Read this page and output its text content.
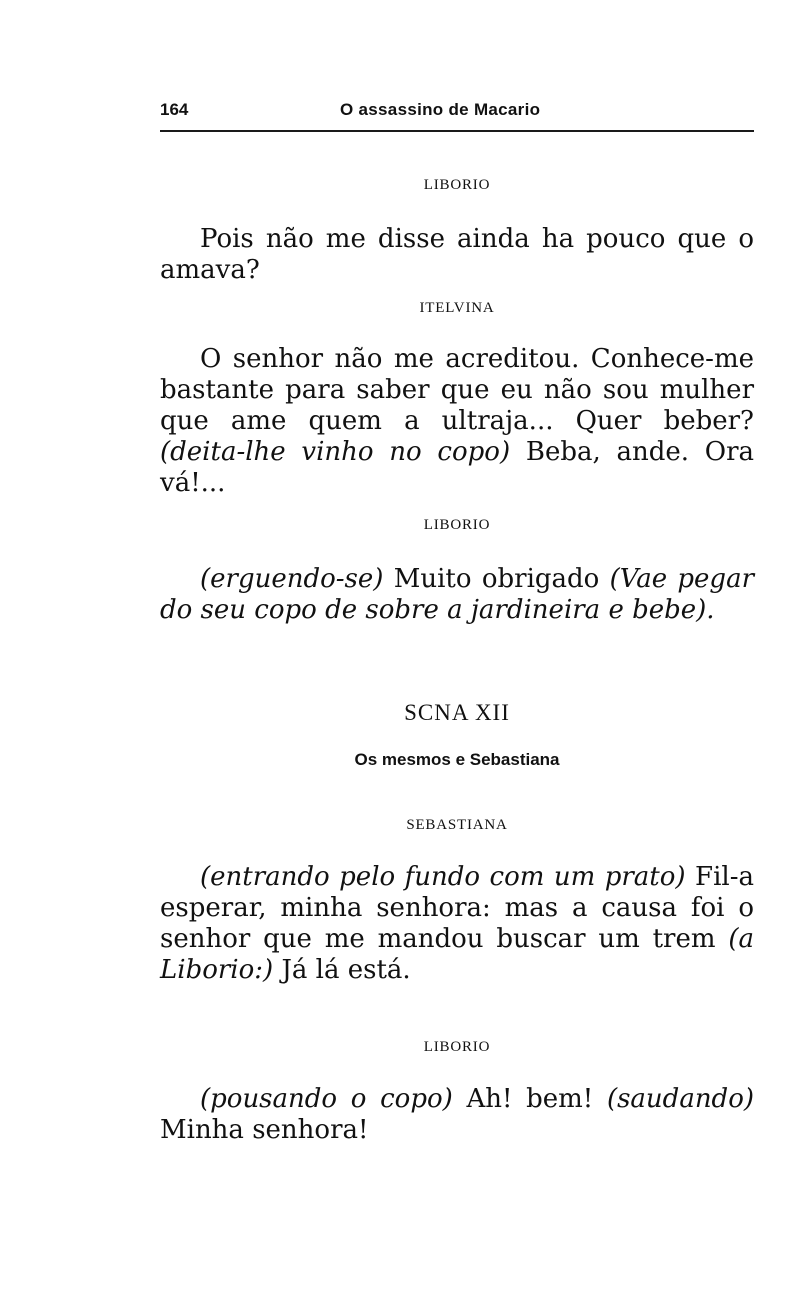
164	O assassino de Macario
LIBORIO
Pois não me disse ainda ha pouco que o
amava?
ITELVINA

O senhor não me acreditou. Conhece-me bastante para saber que eu não sou mulher que ame quem a ultraja... Quer beber? (deita-lhe vinho no copo) Beba, ande. Ora vá!...

LIBORIO

(erguendo-se) Muito obrigado (Vae pegar do seu copo de sobre a jardineira e bebe).

SCNA XII
Os mesmos e Sebastiana
SEBASTIANA

(entrando pelo fundo com um prato) Fil-a esperar, minha senhora: mas a causa foi o senhor que me mandou buscar um trem (a Liborio:) Já lá está.

LIBORIO

(pousando o copo) Ah! bem! (saudando) Minha senhora!
